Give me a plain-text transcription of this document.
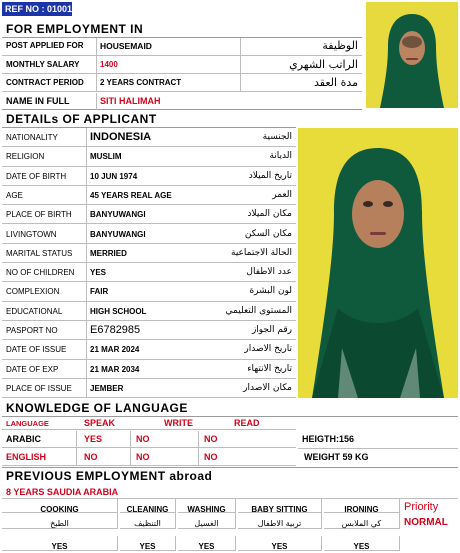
REF NO : 010012
FOR EMPLOYMENT IN
POST APPLIED FOR HOUSEMAID	الوظيفة
MONTHLY SALARY	1400	الراتب الشهري
CONTRACT PERIOD 2 YEARS CONTRACT	مدة العقد
NAME IN FULL	SITI HALIMAH
DETAILs OF APPLICANT
NATIONALITY	INDONESIA	الجنسية
RELIGION	MUSLIM	الديانة
DATE OF BIRTH	10 JUN 1974	تاريخ الميلاد
AGE	45 YEARS REAL AGE	العمر
PLACE OF BIRTH BANYUWANGI	مكان الميلاد
LIVINGTOWN	BANYUWANGI	مكان السكن
MARITAL STATUS MERRIED	الحالة الاجتماعية
NO OF CHILDREN YES	عدد الاطفال
COMPLEXION	FAIR	لون البشرة
EDUCATIONAL	HIGH SCHOOL	المستوى التعليمي
PASPORT NO	E6782985	رقم الجواز
DATE OF ISSUE	21 MAR 2024	تاريخ الاصدار
DATE OF EXP	21 MAR 2034	تاريخ الانتهاء
PLACE OF ISSUE JEMBER	مكان الاصدار
KNOWLEDGE OF LANGUAGE
LANGUAGE	SPEAK	WRITE	READ
ARABIC	YES	NO	NO
ENGLISH	NO	NO	NO
HEIGTH:156
WEIGHT 59 KG
PREVIOUS EMPLOYMENT abroad
8 YEARS SAUDIA ARABIA
COOKING
الطبخ
YES
CLEANING
التنظيف
YES
WASHING
الغسيل
YES
BABY SITTING
تربية الاطفال
YES
IRONING
كي الملابس
YES
Priority
NORMAL
